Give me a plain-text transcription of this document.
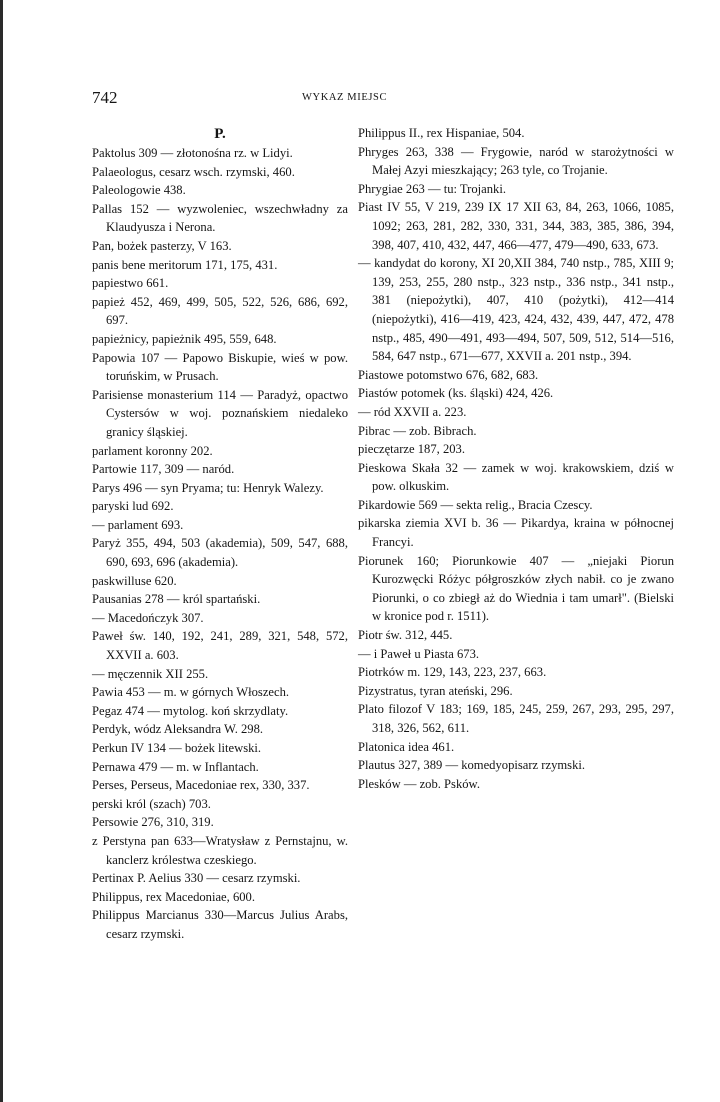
742	WYKAZ MIEJSC
P.

Paktolus 309 — złotonośna rz. w Lidyi.

Palaeologus, cesarz wsch. rzymski, 460.

Paleologowie 438.

Pallas 152 — wyzwoleniec, wszechwładny za Klaudyusza i Nerona.

Pan, bożek pasterzy, V 163.

panis bene meritorum 171, 175, 431.

papiestwo 661.

papież 452, 469, 499, 505, 522, 526, 686, 692, 697.

papieżnicy, papieżnik 495, 559, 648.

Papowia 107 — Papowo Biskupie, wieś w pow. toruńskim, w Prusach.

Parisiense monasterium 114 — Paradyż, opactwo Cystersów w woj. poznańskiem niedaleko granicy śląskiej.

parlament koronny 202.

Partowie 117, 309 — naród.

Parys 496 — syn Pryama; tu: Henryk Walezy.

paryski lud 692.

— parlament 693.

Paryż 355, 494, 503 (akademia), 509, 547, 688, 690, 693, 696 (akademia).

paskwilluse 620.

Pausanias 278 — król spartański.

— Macedończyk 307.

Paweł św. 140, 192, 241, 289, 321, 548, 572, XXVII a. 603.

— męczennik XII 255.

Pawia 453 — m. w górnych Włoszech.

Pegaz 474 — mytolog. koń skrzydlaty.

Perdyk, wódz Aleksandra W. 298.

Perkun IV 134 — bożek litewski.

Pernawa 479 — m. w Inflantach.

Perses, Perseus, Macedoniae rex, 330, 337.

perski król (szach) 703.

Persowie 276, 310, 319.

z Perstyna pan 633—Wratysław z Pernstajnu, w. kanclerz królestwa czeskiego.

Pertinax P. Aelius 330 — cesarz rzymski.

Philippus, rex Macedoniae, 600.

Philippus Marcianus 330—Marcus Julius Arabs, cesarz rzymski.

Philippus II., rex Hispaniae, 504.

Phryges 263, 338 — Frygowie, naród w starożytności w Małej Azyi mieszkający; 263 tyle, co Trojanie.

Phrygiae 263 — tu: Trojanki.

Piast IV 55, V 219, 239 IX 17 XII 63, 84, 263, 1066, 1085, 1092; 263, 281, 282, 330, 331, 344, 383, 385, 386, 394, 398, 407, 410, 432, 447, 466—477, 479—490, 633, 673.

— kandydat do korony, XI 20,XII 384, 740 nstp., 785, XIII 9; 139, 253, 255, 280 nstp., 323 nstp., 336 nstp., 341 nstp., 381 (niepożytki), 407, 410 (pożytki), 412—414 (niepożytki), 416—419, 423, 424, 432, 439, 447, 472, 478 nstp., 485, 490—491, 493—494, 507, 509, 512, 514—516, 584, 647 nstp., 671—677, XXVII a. 201 nstp., 394.

Piastowe potomstwo 676, 682, 683.

Piastów potomek (ks. śląski) 424, 426.

— ród XXVII a. 223.

Pibrac — zob. Bibrach.

pieczętarze 187, 203.

Pieskowa Skała 32 — zamek w woj. krakowskiem, dziś w pow. olkuskim.

Pikardowie 569 — sekta relig., Bracia Czescy.

pikarska ziemia XVI b. 36 — Pikardya, kraina w północnej Francyi.

Piorunek 160; Piorunkowie 407 — „niejaki Piorun Kurozwęcki Różyc półgroszków złych nabił. co je zwano Piorunki, o co zbiegł aż do Wiednia i tam umarł". (Bielski w kronice pod r. 1511).

Piotr św. 312, 445.

— i Paweł u Piasta 673.

Piotrków m. 129, 143, 223, 237, 663.

Pizystratus, tyran ateński, 296.

Plato filozof V 183; 169, 185, 245, 259, 267, 293, 295, 297, 318, 326, 562, 611.

Platonica idea 461.

Plautus 327, 389 — komedyopisarz rzymski.

Plesków — zob. Psków.
